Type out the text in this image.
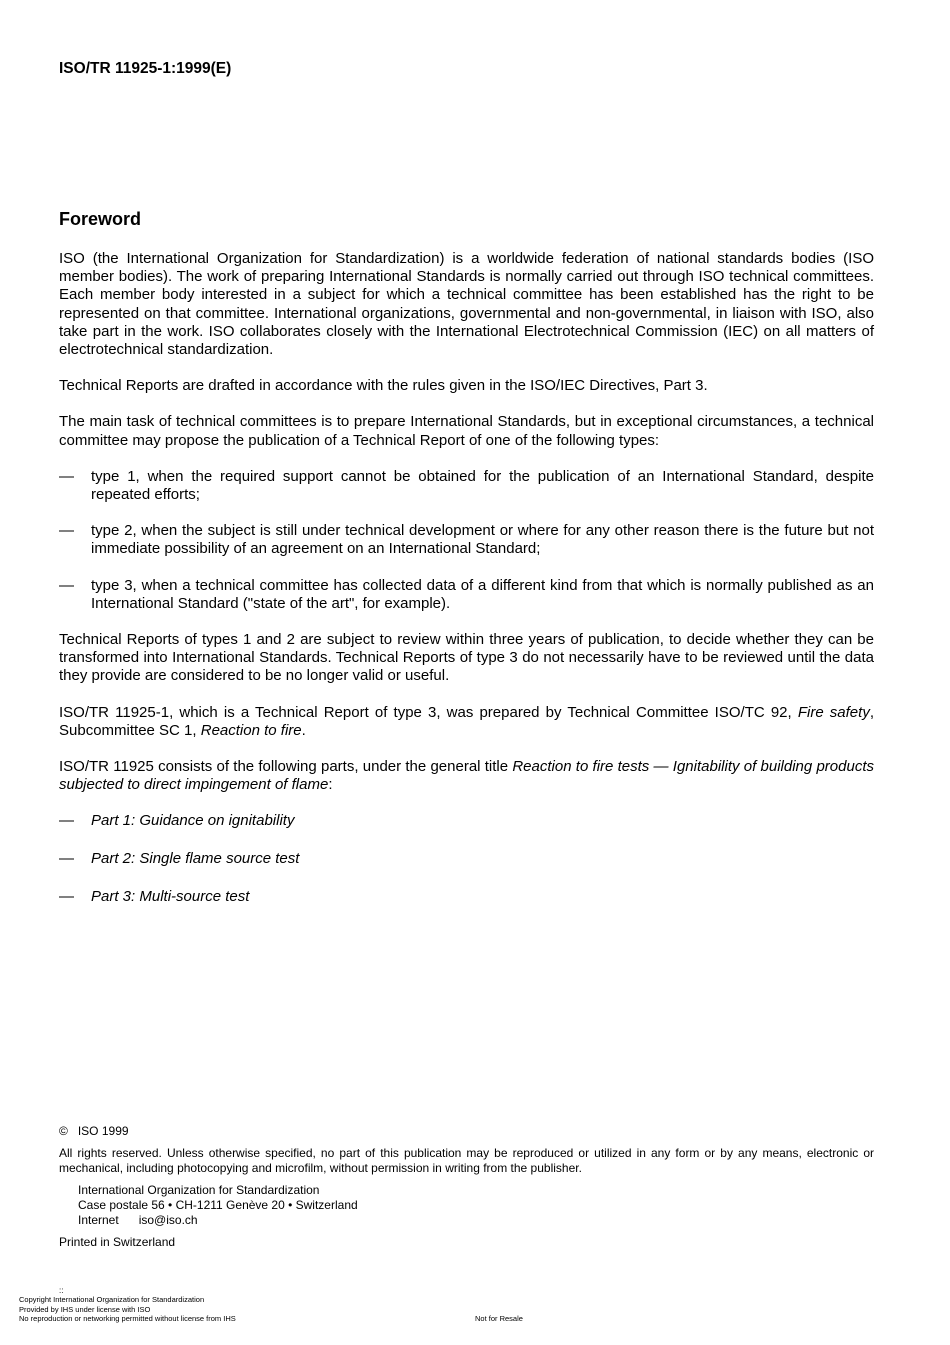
ISO/TR 11925-1:1999(E)
Foreword

ISO (the International Organization for Standardization) is a worldwide federation of national standards bodies (ISO member bodies). The work of preparing International Standards is normally carried out through ISO technical committees. Each member body interested in a subject for which a technical committee has been established has the right to be represented on that committee. International organizations, governmental and non-governmental, in liaison with ISO, also take part in the work. ISO collaborates closely with the International Electrotechnical Commission (IEC) on all matters of electrotechnical standardization.

Technical Reports are drafted in accordance with the rules given in the ISO/IEC Directives, Part 3.

The main task of technical committees is to prepare International Standards, but in exceptional circumstances, a technical committee may propose the publication of a Technical Report of one of the following types:

— type 1, when the required support cannot be obtained for the publication of an International Standard, despite repeated efforts;
— type 2, when the subject is still under technical development or where for any other reason there is the future but not immediate possibility of an agreement on an International Standard;
— type 3, when a technical committee has collected data of a different kind from that which is normally published as an International Standard ("state of the art", for example).

Technical Reports of types 1 and 2 are subject to review within three years of publication, to decide whether they can be transformed into International Standards. Technical Reports of type 3 do not necessarily have to be reviewed until the data they provide are considered to be no longer valid or useful.

ISO/TR 11925-1, which is a Technical Report of type 3, was prepared by Technical Committee ISO/TC 92, Fire safety, Subcommittee SC 1, Reaction to fire.

ISO/TR 11925 consists of the following parts, under the general title Reaction to fire tests — Ignitability of building products subjected to direct impingement of flame:

— Part 1: Guidance on ignitability
— Part 2: Single flame source test
— Part 3: Multi-source test

© ISO 1999

All rights reserved. Unless otherwise specified, no part of this publication may be reproduced or utilized in any form or by any means, electronic or mechanical, including photocopying and microfilm, without permission in writing from the publisher.

International Organization for Standardization
Case postale 56 • CH-1211 Genève 20 • Switzerland
Internet iso@iso.ch

Printed in Switzerland

::
Copyright International Organization for Standardization
Provided by IHS under license with ISO
No reproduction or networking permitted without license from IHS	Not for Resale
